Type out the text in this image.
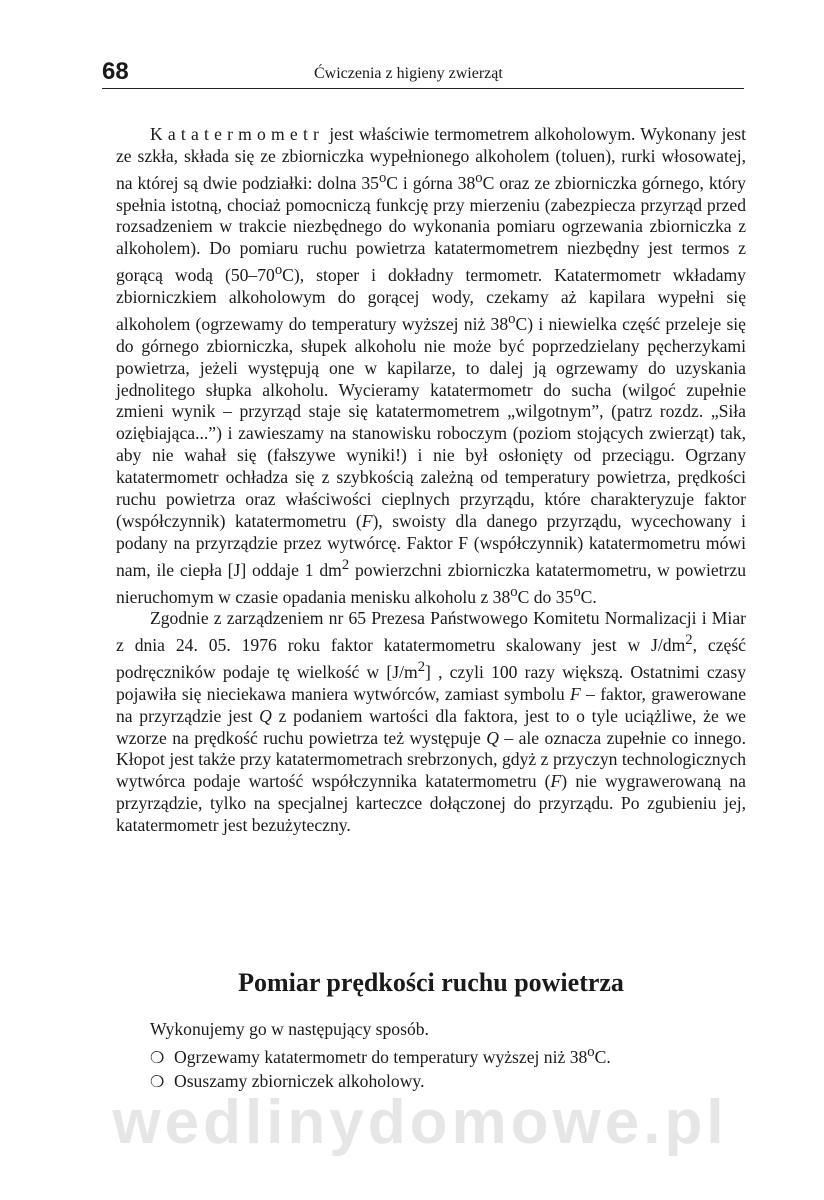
68	Ćwiczenia z higieny zwierząt

Katatermometr jest właściwie termometrem alkoholowym. Wykonany jest ze szkła, składa się ze zbiorniczka wypełnionego alkoholem (toluen), rurki włosowatej, na której są dwie podziałki: dolna 35$^o$C i górna 38$^o$C oraz ze zbiorniczka górnego, który spełnia istotną, chociaż pomocniczą funkcję przy mierzeniu (zabezpiecza przyrząd przed rozsadzeniem w trakcie niezbędnego do wykonania pomiaru ogrzewania zbiorniczka z alkoholem). Do pomiaru ruchu powietrza katatermometrem niezbędny jest termos z gorącą wodą (50–70$^o$C), stoper i dokładny termometr. Katatermometr wkładamy zbiorniczkiem alkoholowym do gorącej wody, czekamy aż kapilara wypełni się alkoholem (ogrzewamy do temperatury wyższej niż 38$^o$C) i niewielka część przeleje się do górnego zbiorniczka, słupek alkoholu nie może być poprzedzielany pęcherzykami powietrza, jeżeli występują one w kapilarze, to dalej ją ogrzewamy do uzyskania jednolitego słupka alkoholu. Wycieramy katatermometr do sucha (wilgoć zupełnie zmieni wynik – przyrząd staje się katatermometrem „wilgotnym”, (patrz rozdz. „Siła oziębiająca...”) i zawieszamy na stanowisku roboczym (poziom stojących zwierząt) tak, aby nie wahał się (fałszywe wyniki!) i nie był osłonięty od przeciągu. Ogrzany katatermometr ochładza się z szybkością zależną od temperatury powietrza, prędkości ruchu powietrza oraz właściwości cieplnych przyrządu, które charakteryzuje faktor (współczynnik) katatermometru (F), swoisty dla danego przyrządu, wycechowany i podany na przyrządzie przez wytwórcę. Faktor F (współczynnik) katatermometru mówi nam, ile ciepła [J] oddaje 1 $dm^2$ powierzchni zbiorniczka katatermometru, w powietrzu nieruchomym w czasie opadania menisku alkoholu z 38$^o$C do 35$^o$C.

Zgodnie z zarządzeniem nr 65 Prezesa Państwowego Komitetu Normalizacji i Miar z dnia 24. 05. 1976 roku faktor katatermometru skalowany jest w $J/dm^2$, część podręczników podaje tę wielkość w $[J/m^2]$ , czyli 100 razy większą. Ostatnimi czasy pojawiła się nieciekawa maniera wytwórców, zamiast symbolu F – faktor, grawerowane na przyrządzie jest Q z podaniem wartości dla faktora, jest to o tyle uciążliwe, że we wzorze na prędkość ruchu powietrza też występuje Q – ale oznacza zupełnie co innego. Kłopot jest także przy katatermometrach srebrzonych, gdyż z przyczyn technologicznych wytwórca podaje wartość współczynnika katatermometru (F) nie wygrawerowaną na przyrządzie, tylko na specjalnej karteczce dołączonej do przyrządu. Po zgubieniu jej, katatermometr jest bezużyteczny.

Pomiar prędkości ruchu powietrza

Wykonujemy go w następujący sposób.

❍ Ogrzewamy katatermometr do temperatury wyższej niż 38$^o$C.
❍ Osuszamy zbiorniczek alkoholowy.
wedlinydomowe.pl
